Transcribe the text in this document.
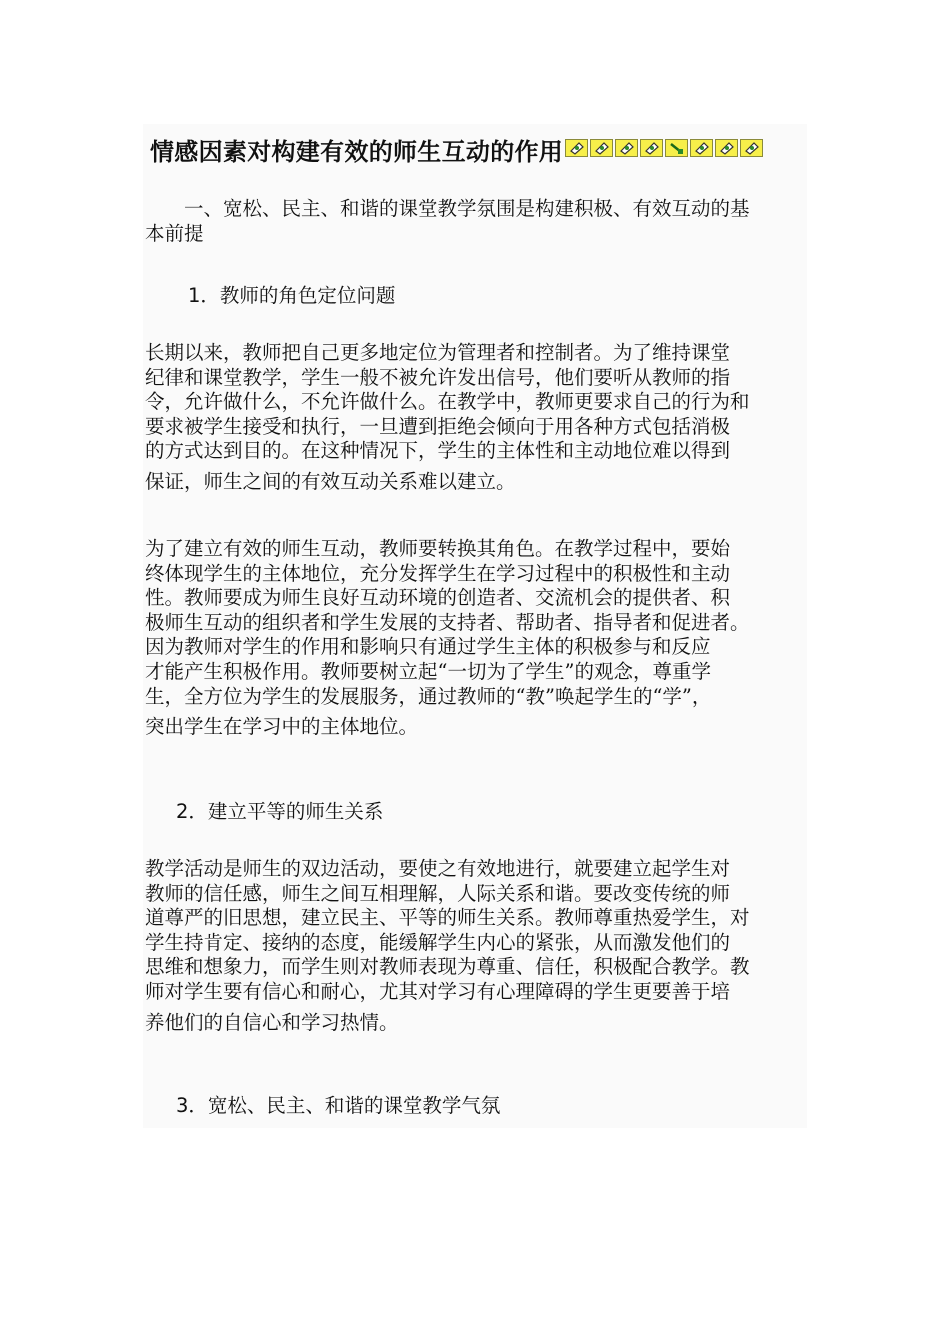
情感因素对构建有效的师生互动的作用
　　一、宽松、民主、和谐的课堂教学氛围是构建积极、有效互动的基
本前提
1．教师的角色定位问题
长期以来，教师把自己更多地定位为管理者和控制者。为了维持课堂
纪律和课堂教学，学生一般不被允许发出信号，他们要听从教师的指
令，允许做什么，不允许做什么。在教学中，教师更要求自己的行为和
要求被学生接受和执行，一旦遭到拒绝会倾向于用各种方式包括消极
的方式达到目的。在这种情况下，学生的主体性和主动地位难以得到
保证，师生之间的有效互动关系难以建立。
为了建立有效的师生互动，教师要转换其角色。在教学过程中，要始
终体现学生的主体地位，充分发挥学生在学习过程中的积极性和主动
性。教师要成为师生良好互动环境的创造者、交流机会的提供者、积
极师生互动的组织者和学生发展的支持者、帮助者、指导者和促进者。
因为教师对学生的作用和影响只有通过学生主体的积极参与和反应
才能产生积极作用。教师要树立起“一切为了学生”的观念，尊重学
生，全方位为学生的发展服务，通过教师的“教”唤起学生的“学”，
突出学生在学习中的主体地位。
2．建立平等的师生关系
教学活动是师生的双边活动，要使之有效地进行，就要建立起学生对
教师的信任感，师生之间互相理解，人际关系和谐。要改变传统的师
道尊严的旧思想，建立民主、平等的师生关系。教师尊重热爱学生，对
学生持肯定、接纳的态度，能缓解学生内心的紧张，从而激发他们的
思维和想象力，而学生则对教师表现为尊重、信任，积极配合教学。教
师对学生要有信心和耐心，尤其对学习有心理障碍的学生更要善于培
养他们的自信心和学习热情。
3．宽松、民主、和谐的课堂教学气氛
